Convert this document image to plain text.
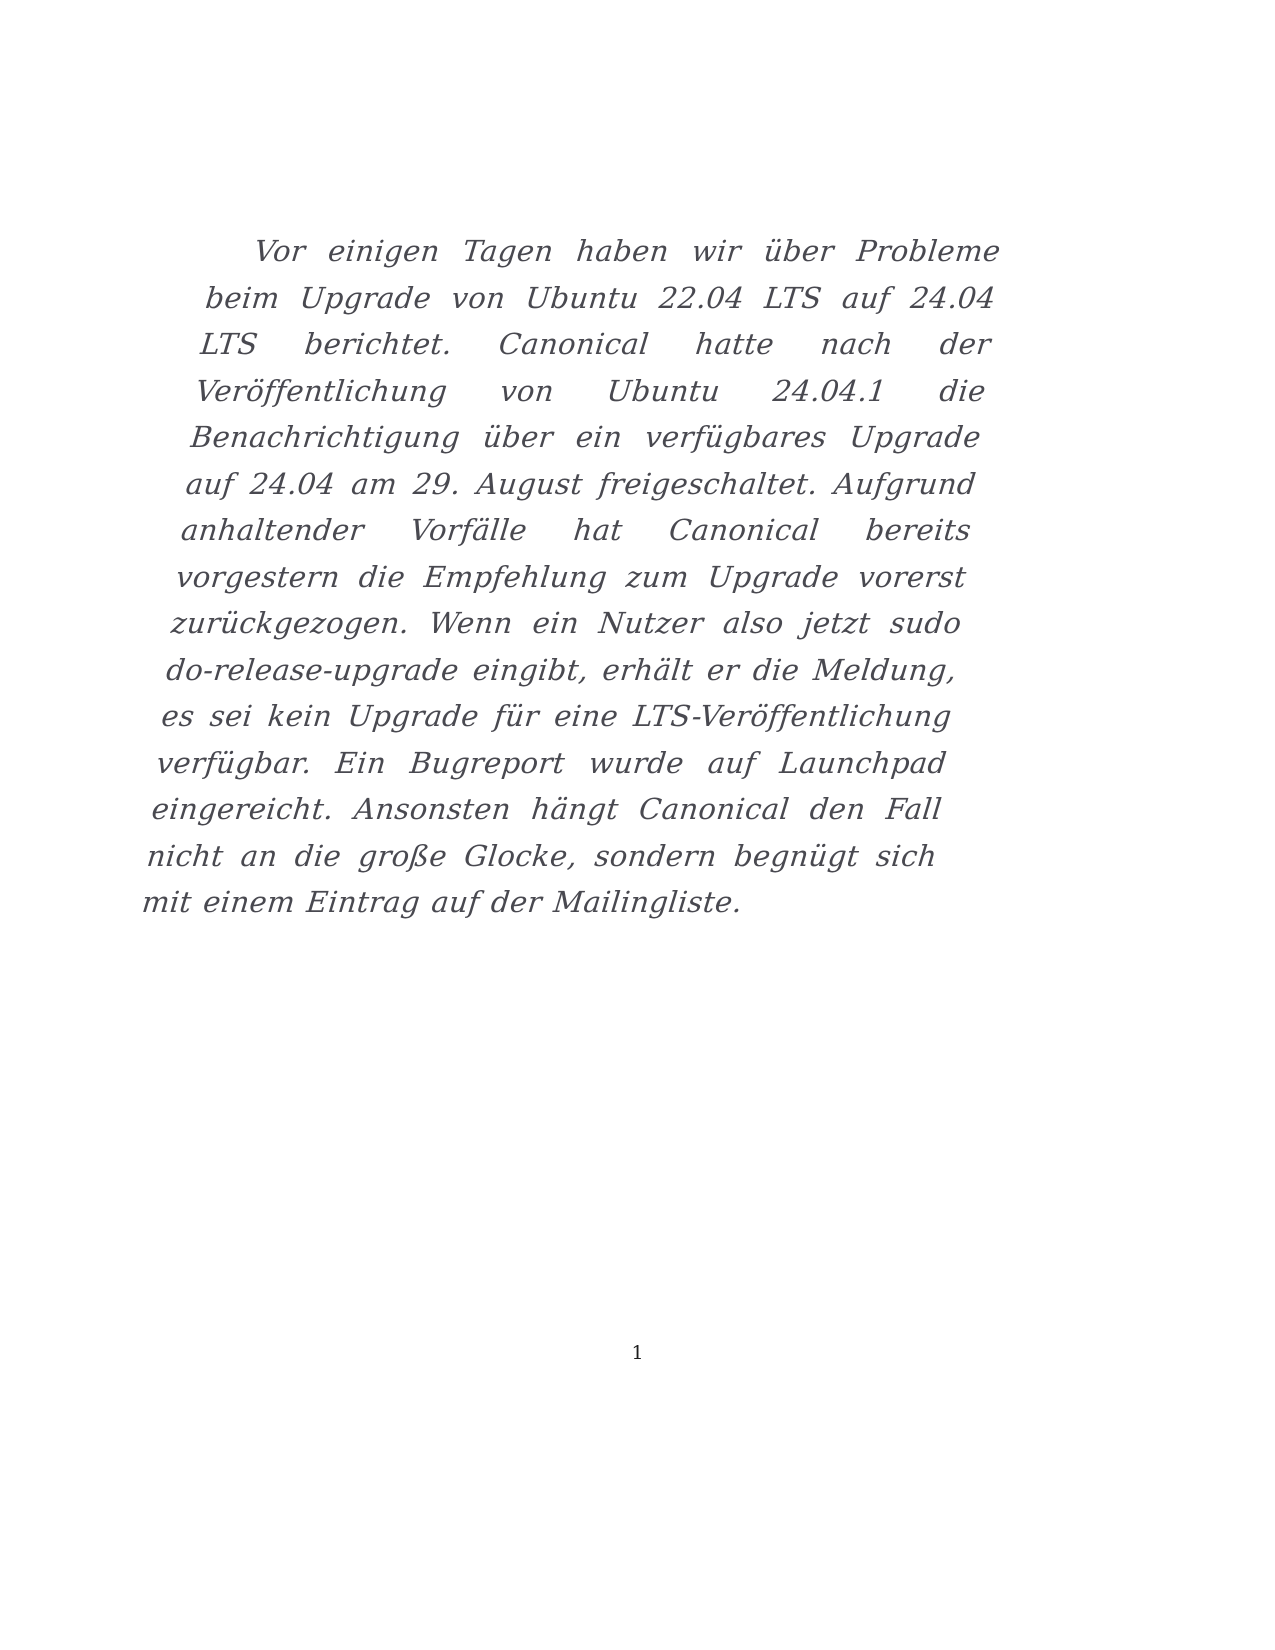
Vor einigen Tagen haben wir über Probleme beim Upgrade von Ubuntu 22.04 LTS auf 24.04 LTS berichtet. Canonical hatte nach der Veröffentlichung von Ubuntu 24.04.1 die Benachrichtigung über ein verfügbares Upgrade auf 24.04 am 29. August freigeschaltet. Aufgrund anhaltender Vorfälle hat Canonical bereits vorgestern die Empfehlung zum Upgrade vorerst zurückgezogen. Wenn ein Nutzer also jetzt sudo do-release-upgrade eingibt, erhält er die Meldung, es sei kein Upgrade für eine LTS-Veröffentlichung verfügbar. Ein Bugreport wurde auf Launchpad eingereicht. Ansonsten hängt Canonical den Fall nicht an die große Glocke, sondern begnügt sich mit einem Eintrag auf der Mailingliste.

1
